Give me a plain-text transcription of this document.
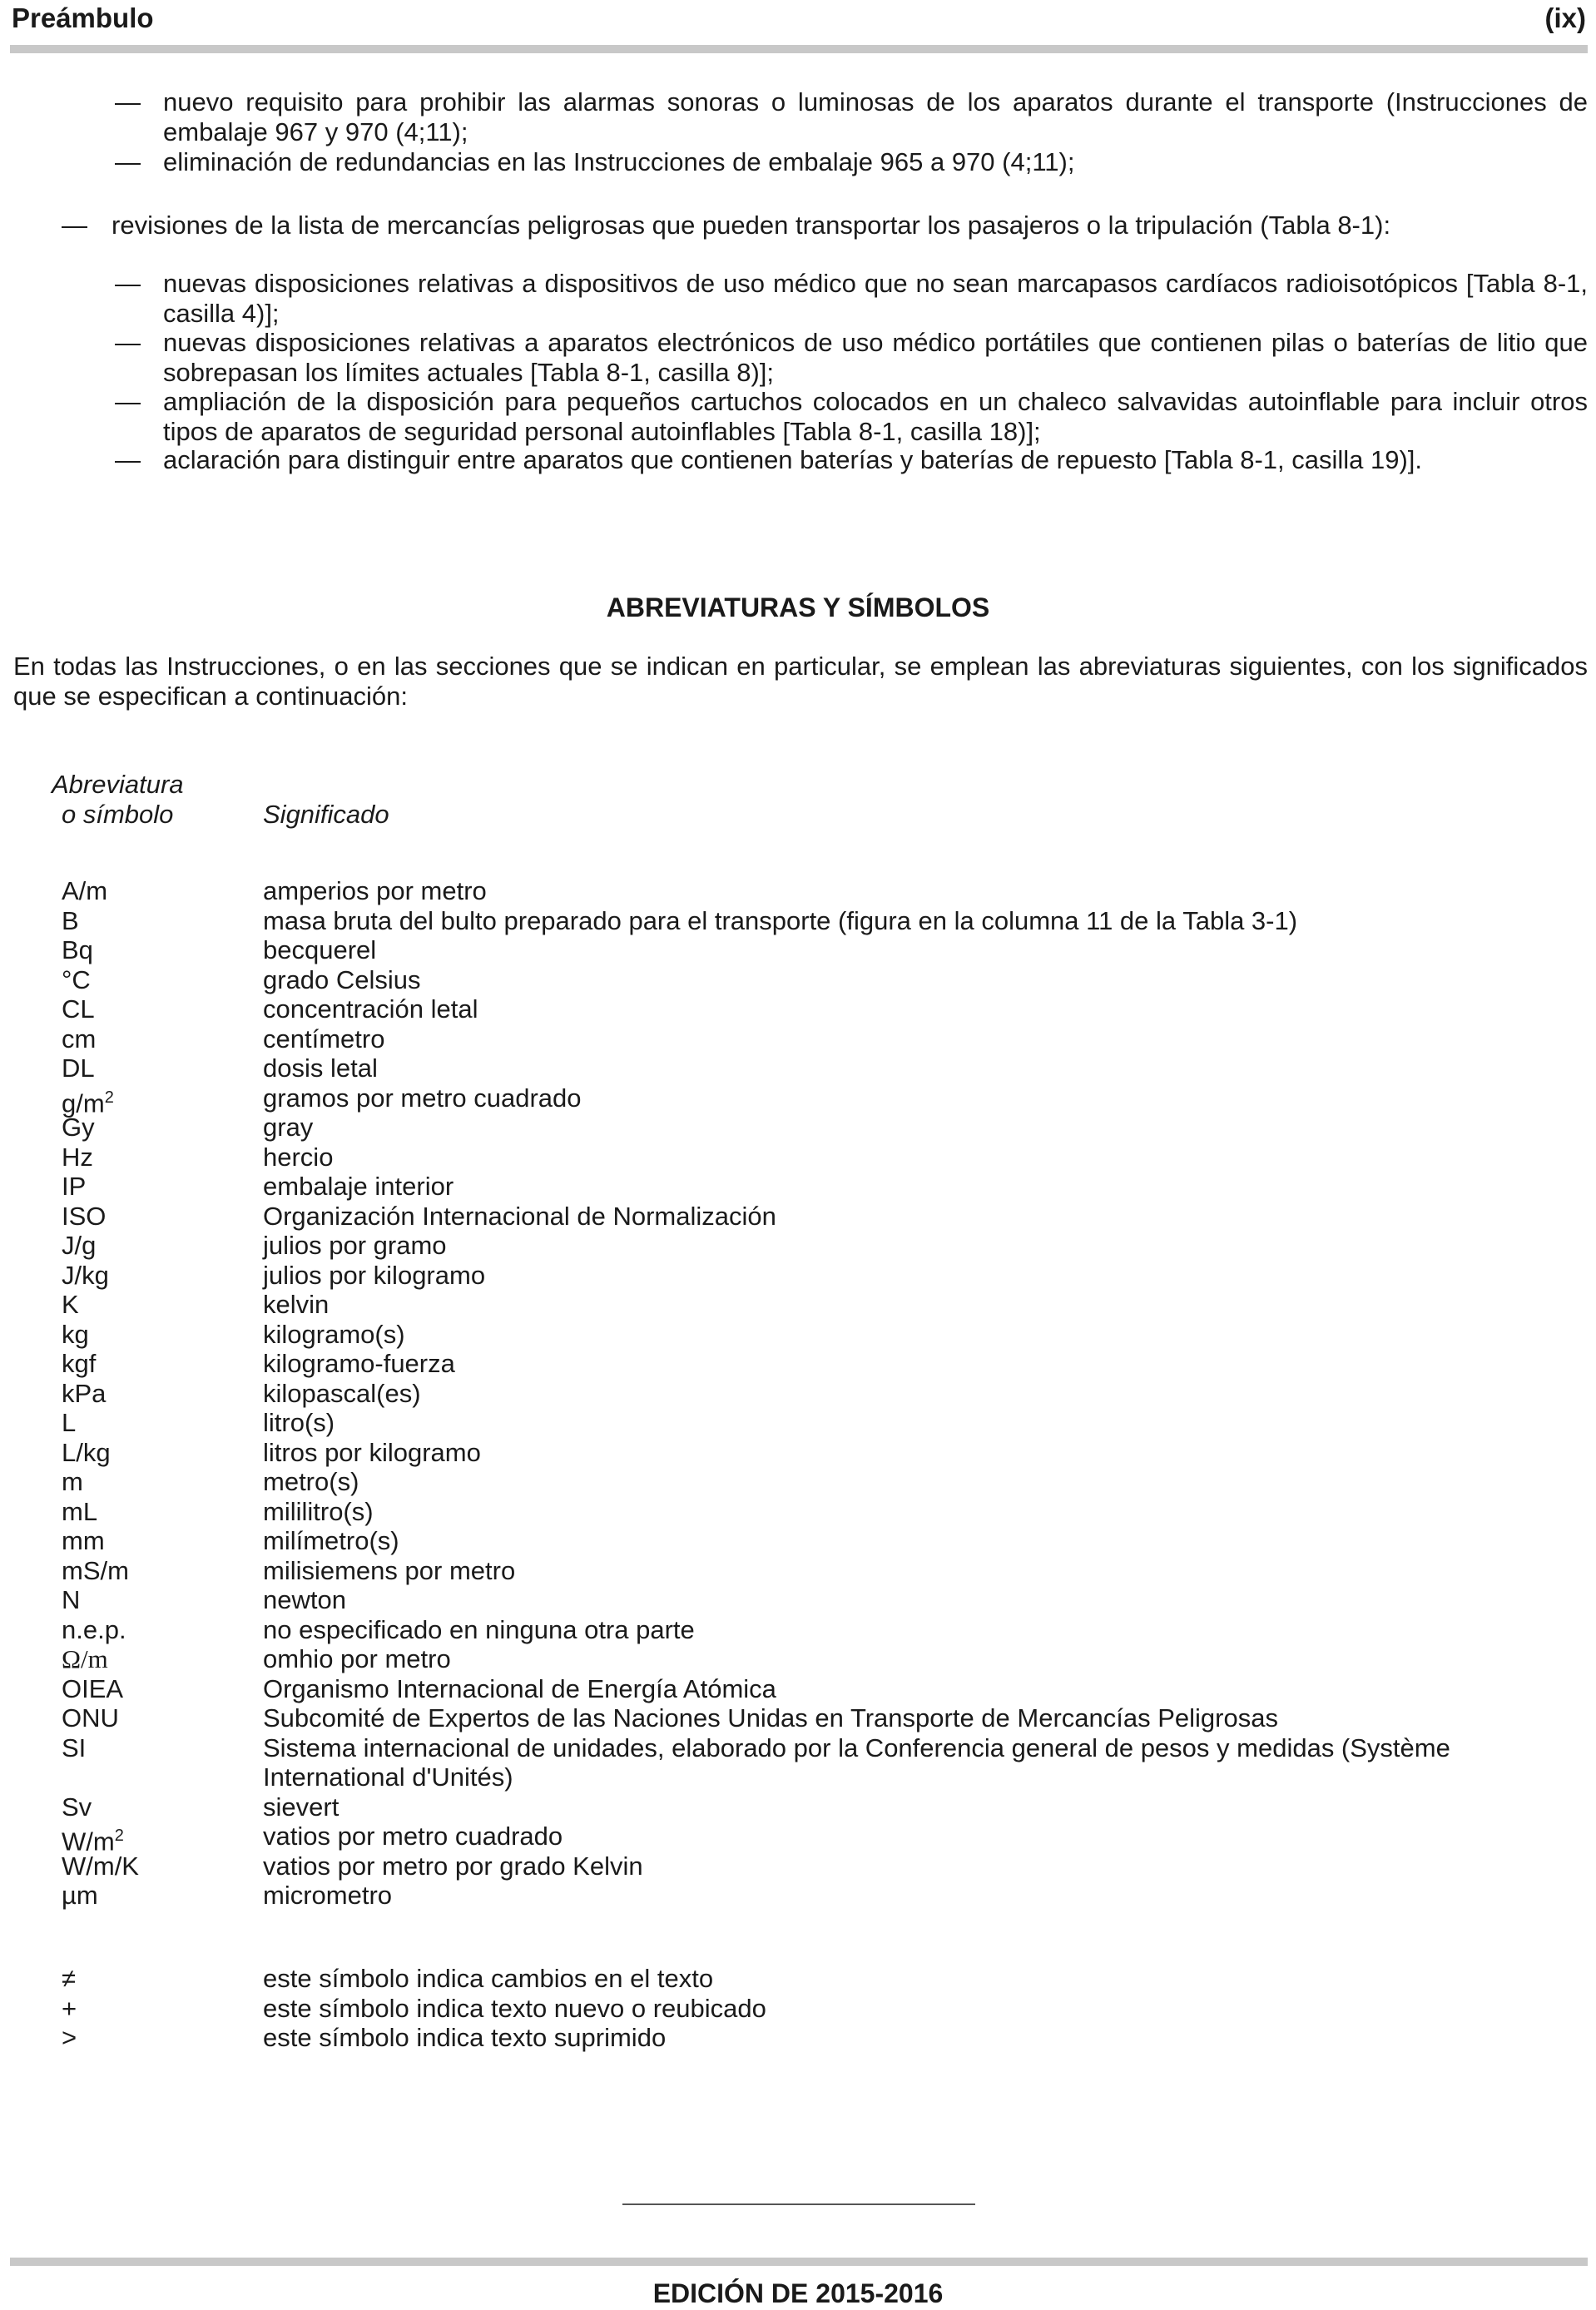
Preámbulo	(ix)
— nuevo requisito para prohibir las alarmas sonoras o luminosas de los aparatos durante el transporte (Instrucciones de embalaje 967 y 970 (4;11);
— eliminación de redundancias en las Instrucciones de embalaje 965 a 970 (4;11);
— revisiones de la lista de mercancías peligrosas que pueden transportar los pasajeros o la tripulación (Tabla 8-1):
— nuevas disposiciones relativas a dispositivos de uso médico que no sean marcapasos cardíacos radioisotópicos [Tabla 8-1, casilla 4)];
— nuevas disposiciones relativas a aparatos electrónicos de uso médico portátiles que contienen pilas o baterías de litio que sobrepasan los límites actuales [Tabla 8-1, casilla 8)];
— ampliación de la disposición para pequeños cartuchos colocados en un chaleco salvavidas autoinflable para incluir otros tipos de aparatos de seguridad personal autoinflables [Tabla 8-1, casilla 18)];
— aclaración para distinguir entre aparatos que contienen baterías y baterías de repuesto [Tabla 8-1, casilla 19)].
ABREVIATURAS Y SÍMBOLOS
En todas las Instrucciones, o en las secciones que se indican en particular, se emplean las abreviaturas siguientes, con los significados que se especifican a continuación:
Abreviatura
o símbolo	Significado
A/m	amperios por metro
B	masa bruta del bulto preparado para el transporte (figura en la columna 11 de la Tabla 3-1)
Bq	becquerel
°C	grado Celsius
CL	concentración letal
cm	centímetro
DL	dosis letal
$g/m^2$	gramos por metro cuadrado
Gy	gray
Hz	hercio
IP	embalaje interior
ISO	Organización Internacional de Normalización
J/g	julios por gramo
J/kg	julios por kilogramo
K	kelvin
kg	kilogramo(s)
kgf	kilogramo-fuerza
kPa	kilopascal(es)
L	litro(s)
L/kg	litros por kilogramo
m	metro(s)
mL	mililitro(s)
mm	milímetro(s)
mS/m	milisiemens por metro
N	newton
n.e.p.	no especificado en ninguna otra parte
Ω/m	omhio por metro
OIEA	Organismo Internacional de Energía Atómica
ONU	Subcomité de Expertos de las Naciones Unidas en Transporte de Mercancías Peligrosas
SI	Sistema internacional de unidades, elaborado por la Conferencia general de pesos y medidas (Système International d'Unités)
Sv	sievert
$W/m^2$	vatios por metro cuadrado
W/m/K	vatios por metro por grado Kelvin
µm	micrometro
≠	este símbolo indica cambios en el texto
+	este símbolo indica texto nuevo o reubicado
>	este símbolo indica texto suprimido
EDICIÓN DE 2015-2016
